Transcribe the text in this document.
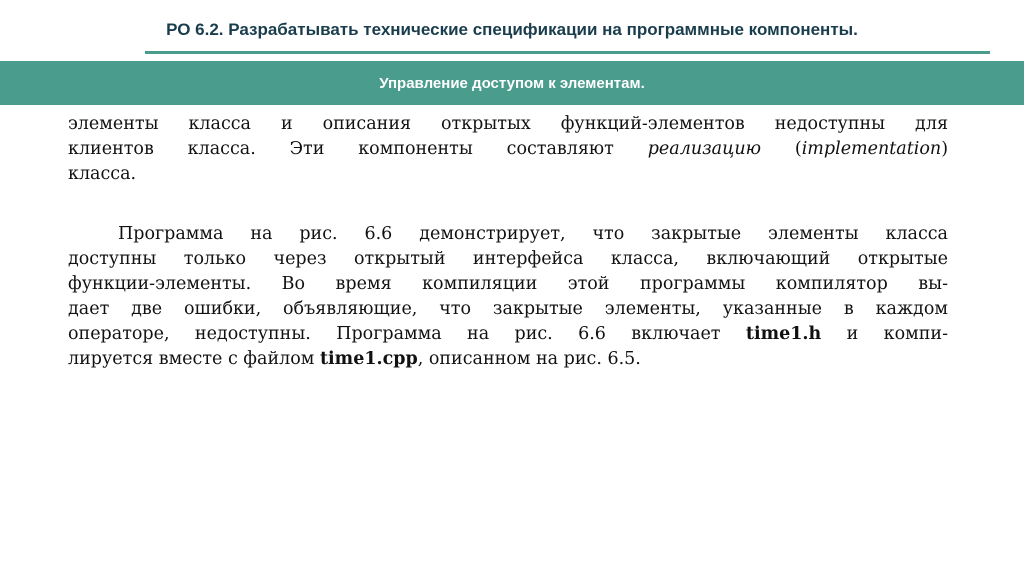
РО 6.2. Разрабатывать технические спецификации на программные компоненты.
Управление доступом к элементам.

элементы класса и описания открытых функций-элементов недоступны для
клиентов класса. Эти компоненты составляют реализацию (implementation)
класса.

Программа на рис. 6.6 демонстрирует, что закрытые элементы класса
доступны только через открытый интерфейса класса, включающий открытые
функции-элементы. Во время компиляции этой программы компилятор вы-
дает две ошибки, объявляющие, что закрытые элементы, указанные в каждом
операторе, недоступны. Программа на рис. 6.6 включает time1.h и компи-
лируется вместе с файлом time1.cpp, описанном на рис. 6.5.
